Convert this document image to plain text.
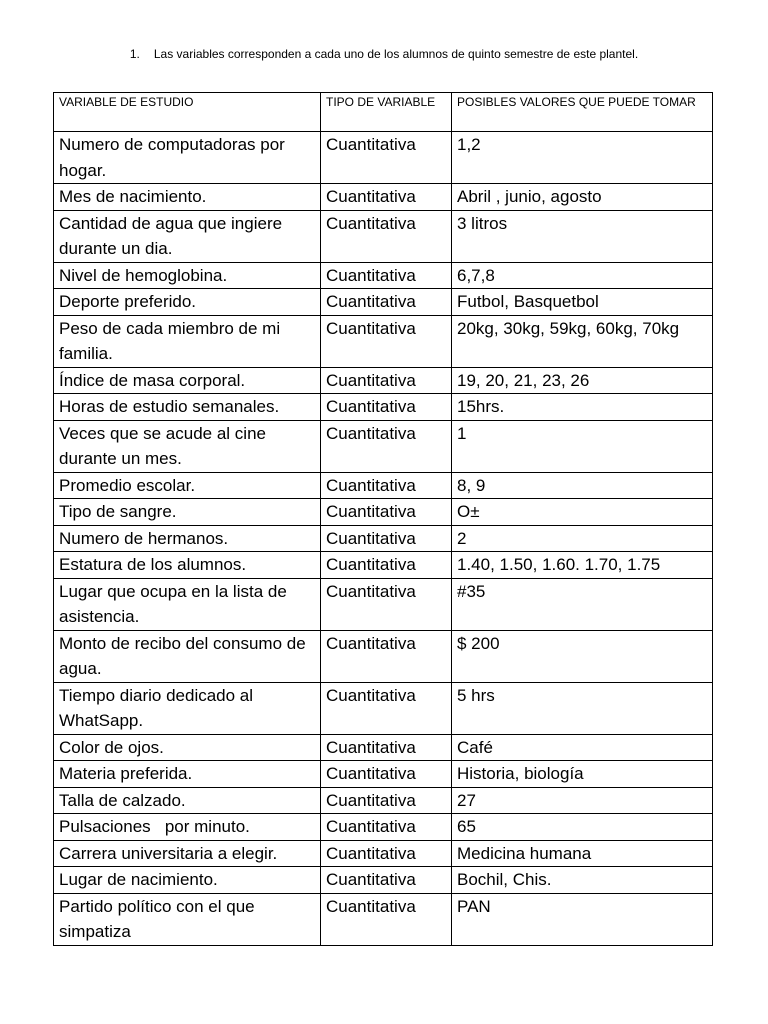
1. Las variables corresponden a cada uno de los alumnos de quinto semestre de este plantel.
VARIABLE DE ESTUDIO	TIPO DE VARIABLE	POSIBLES VALORES QUE PUEDE TOMAR
Numero de computadoras por hogar.	Cuantitativa	1,2
Mes de nacimiento.	Cuantitativa	Abril , junio, agosto
Cantidad de agua que ingiere durante un dia.	Cuantitativa	3 litros
Nivel de hemoglobina.	Cuantitativa	6,7,8
Deporte preferido.	Cuantitativa	Futbol, Basquetbol
Peso de cada miembro de mi familia.	Cuantitativa	20kg, 30kg, 59kg, 60kg, 70kg
Índice de masa corporal.	Cuantitativa	19, 20, 21, 23, 26
Horas de estudio semanales.	Cuantitativa	15hrs.
Veces que se acude al cine durante un mes.	Cuantitativa	1
Promedio escolar.	Cuantitativa	8, 9
Tipo de sangre.	Cuantitativa	O±
Numero de hermanos.	Cuantitativa	2
Estatura de los alumnos.	Cuantitativa	1.40, 1.50, 1.60. 1.70, 1.75
Lugar que ocupa en la lista de asistencia.	Cuantitativa	#35
Monto de recibo del consumo de agua.	Cuantitativa	$ 200
Tiempo diario dedicado al WhatSapp.	Cuantitativa	5 hrs
Color de ojos.	Cuantitativa	Café
Materia preferida.	Cuantitativa	Historia, biología
Talla de calzado.	Cuantitativa	27
Pulsaciones   por minuto.	Cuantitativa	65
Carrera universitaria a elegir.	Cuantitativa	Medicina humana
Lugar de nacimiento.	Cuantitativa	Bochil, Chis.
Partido político con el que simpatiza	Cuantitativa	PAN
